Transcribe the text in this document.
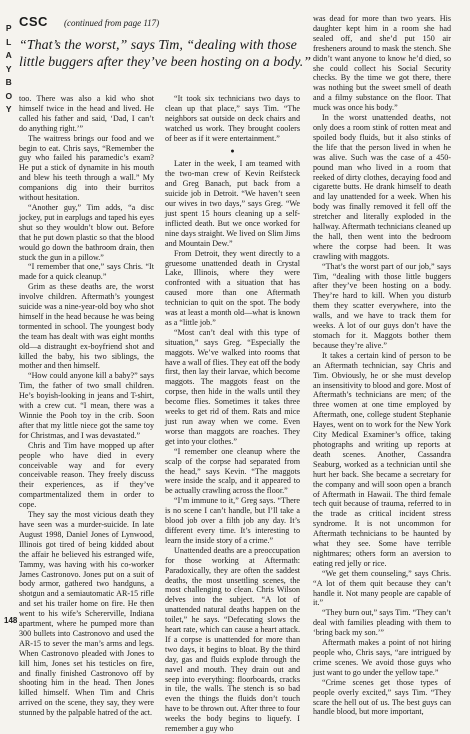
P
L
A
Y
B
O
Y
CSC (continued from page 117)
“That’s the worst,” says Tim, “dealing with those little buggers after they’ve been hosting on a body.”

too. There was also a kid who shot himself twice in the head and lived. He called his father and said, ‘Dad, I can’t do anything right.’”

The waitress brings our food and we begin to eat. Chris says, “Remember the guy who failed his paramedic’s exam? He put a stick of dynamite in his mouth and blew his teeth through a wall.” My companions dig into their burritos without hesitation.

“Another guy,” Tim adds, “a disc jockey, put in earplugs and taped his eyes shut so they wouldn’t blow out. Before that he put down plastic so that the blood would go down the bathroom drain, then stuck the gun in a pillow.”

“I remember that one,” says Chris. “It made for a quick cleanup.”

Grim as these deaths are, the worst involve children. Aftermath’s youngest suicide was a nine-year-old boy who shot himself in the head because he was being tormented in school. The youngest body the team has dealt with was eight months old—a distraught ex-boyfriend shot and killed the baby, his two siblings, the mother and then himself.

“How could anyone kill a baby?” says Tim, the father of two small children. He’s boyish-looking in jeans and T-shirt, with a crew cut. “I mean, there was a Winnie the Pooh toy in the crib. Soon after that my little niece got the same toy for Christmas, and I was devastated.”

Chris and Tim have mopped up after people who have died in every conceivable way and for every conceivable reason. They freely discuss their experiences, as if they’ve compartmentalized them in order to cope.

They say the most vicious death they have seen was a murder-suicide. In late August 1998, Daniel Jones of Lynwood, Illinois got tired of being kidded about the affair he believed his estranged wife, Tammy, was having with his co-worker James Castronovo. Jones put on a suit of body armor, gathered two handguns, a shotgun and a semiautomatic AR-15 rifle and set his trailer home on fire. He then went to his wife’s Schererville, Indiana apartment, where he pumped more than 300 bullets into Castronovo and used the AR-15 to sever the man’s arms and legs. When Castronovo pleaded with Jones to kill him, Jones set his testicles on fire, and finally finished Castronovo off by shooting him in the head. Then Jones killed himself. When Tim and Chris arrived on the scene, they say, they were stunned by the palpable hatred of the act.

“It took six technicians two days to clean up that place,” says Tim. “The neighbors sat outside on deck chairs and watched us work. They brought coolers of beer as if it were entertainment.”

●

Later in the week, I am teamed with the two-man crew of Kevin Reifsteck and Greg Banach, put back from a suicide job in Detroit. “We haven’t seen our wives in two days,” says Greg. “We just spent 15 hours cleaning up a self-inflicted death. But we once worked for nine days straight. We lived on Slim Jims and Mountain Dew.”

From Detroit, they went directly to a gruesome unattended death in Crystal Lake, Illinois, where they were confronted with a situation that has caused more than one Aftermath technician to quit on the spot. The body was at least a month old—what is known as a “little job.”

“Most can’t deal with this type of situation,” says Greg. “Especially the maggots. We’ve walked into rooms that have a wall of flies. They eat off the body first, then lay their larvae, which become maggots. The maggots feast on the corpse, then hide in the walls until they become flies. Sometimes it takes three weeks to get rid of them. Rats and mice just run away when we come. Even worse than maggots are roaches. They get into your clothes.”

“I remember one cleanup where the scalp of the corpse had separated from the head,” says Kevin. “The maggots were inside the scalp, and it appeared to be actually crawling across the floor.”

“I’m immune to it,” Greg says. “There is no scene I can’t handle, but I’ll take a blood job over a filth job any day. It’s different every time. It’s interesting to learn the inside story of a crime.”

Unattended deaths are a preoccupation for those working at Aftermath: Paradoxically, they are often the saddest deaths, the most unsettling scenes, the most challenging to clean. Chris Wilson delves into the subject. “A lot of unattended natural deaths happen on the toilet,” he says. “Defecating slows the heart rate, which can cause a heart attack. If a corpse is unattended for more than two days, it begins to bloat. By the third day, gas and fluids explode through the navel and mouth. They drain out and seep into everything: floorboards, cracks in tile, the walls. The stench is so bad even the things the fluids don’t touch have to be thrown out. After three to four weeks the body begins to liquefy. I remember a guy who

was dead for more than two years. His daughter kept him in a room she had sealed off, and she’d put 150 air fresheners around to mask the stench. She didn’t want anyone to know he’d died, so she could collect his Social Security checks. By the time we got there, there was nothing but the sweet smell of death and a filmy substance on the floor. That muck was once his body.”

In the worst unattended deaths, not only does a room stink of rotten meat and spoiled body fluids, but it also stinks of the life that the person lived in when he was alive. Such was the case of a 450-pound man who lived in a room that reeked of dirty clothes, decaying food and cigarette butts. He drank himself to death and lay unattended for a week. When his body was finally removed it fell off the stretcher and literally exploded in the hallway. Aftermath technicians cleaned up the hall, then went into the bedroom where the corpse had been. It was crawling with maggots.

“That’s the worst part of our job,” says Tim, “dealing with those little buggers after they’ve been hosting on a body. They’re hard to kill. When you disturb them they scatter everywhere, into the walls, and we have to track them for weeks. A lot of our guys don’t have the stomach for it. Maggots bother them because they’re alive.”

It takes a certain kind of person to be an Aftermath technician, say Chris and Tim. Obviously, he or she must develop an insensitivity to blood and gore. Most of Aftermath’s technicians are men; of the three women at one time employed by Aftermath, one, college student Stephanie Hayes, went on to work for the New York City Medical Examiner’s office, taking photographs and writing up reports at death scenes. Another, Cassandra Seaburg, worked as a technician until she hurt her back. She became a secretary for the company and will soon open a branch of Aftermath in Hawaii. The third female tech quit because of trauma, referred to in the trade as critical incident stress syndrome. It is not uncommon for Aftermath technicians to be haunted by what they see. Some have terrible nightmares; others form an aversion to eating red jelly or rice.

“We get them counseling,” says Chris. “A lot of them quit because they can’t handle it. Not many people are capable of it.”

“They burn out,” says Tim. “They can’t deal with families pleading with them to ‘bring back my son.’”

Aftermath makes a point of not hiring people who, Chris says, “are intrigued by crime scenes. We avoid those guys who just want to go under the yellow tape.”

“Crime scenes get those types of people overly excited,” says Tim. “They scare the hell out of us. The best guys can handle blood, but more important,

148
